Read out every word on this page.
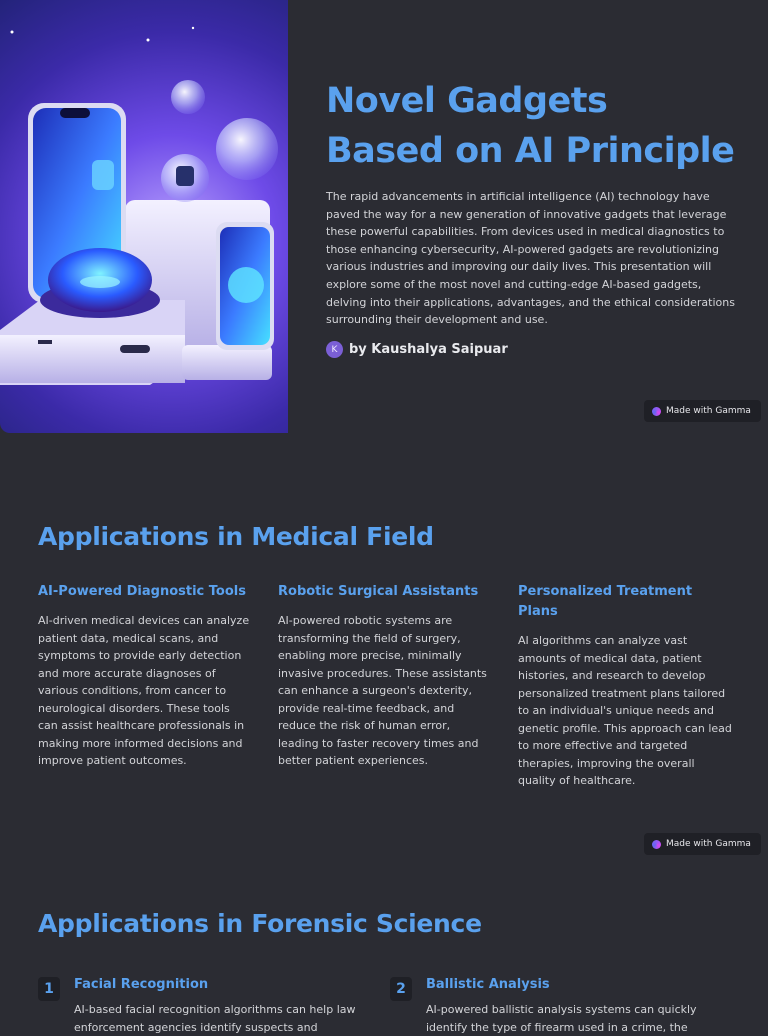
Novel Gadgets Based on AI Principle

The rapid advancements in artificial intelligence (AI) technology have paved the way for a new generation of innovative gadgets that leverage these powerful capabilities. From devices used in medical diagnostics to those enhancing cybersecurity, AI-powered gadgets are revolutionizing various industries and improving our daily lives. This presentation will explore some of the most novel and cutting-edge AI-based gadgets, delving into their applications, advantages, and the ethical considerations surrounding their development and use.

K by Kaushalya Saipuar
Made with Gamma
Applications in Medical Field
AI-Powered Diagnostic Tools

AI-driven medical devices can analyze patient data, medical scans, and symptoms to provide early detection and more accurate diagnoses of various conditions, from cancer to neurological disorders. These tools can assist healthcare professionals in making more informed decisions and improve patient outcomes.

Robotic Surgical Assistants

AI-powered robotic systems are transforming the field of surgery, enabling more precise, minimally invasive procedures. These assistants can enhance a surgeon's dexterity, provide real-time feedback, and reduce the risk of human error, leading to faster recovery times and better patient experiences.

Personalized Treatment Plans

AI algorithms can analyze vast amounts of medical data, patient histories, and research to develop personalized treatment plans tailored to an individual's unique needs and genetic profile. This approach can lead to more effective and targeted therapies, improving the overall quality of healthcare.

Made with Gamma
Applications in Forensic Science
1	Facial Recognition

AI-based facial recognition algorithms can help law enforcement agencies identify suspects and

2	Ballistic Analysis

AI-powered ballistic analysis systems can quickly identify the type of firearm used in a crime, the
